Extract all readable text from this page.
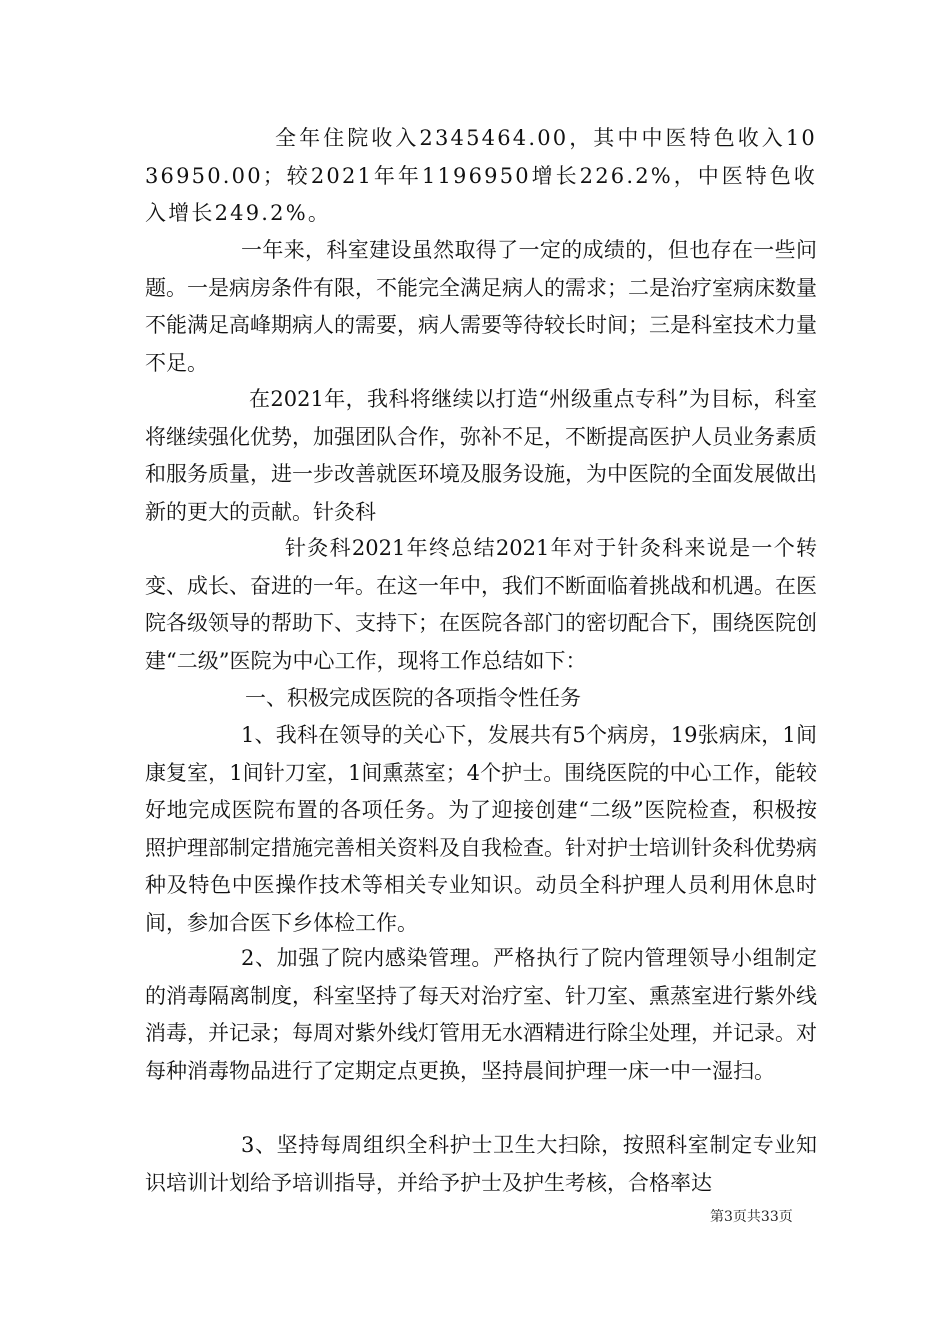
全年住院收入2345464.00，其中中医特色收入1036950.00；较2021年年1196950增长226.2%，中医特色收入增长249.2%。

一年来，科室建设虽然取得了一定的成绩的，但也存在一些问题。一是病房条件有限，不能完全满足病人的需求；二是治疗室病床数量不能满足高峰期病人的需要，病人需要等待较长时间；三是科室技术力量不足。

在2021年，我科将继续以打造“州级重点专科”为目标，科室将继续强化优势，加强团队合作，弥补不足，不断提高医护人员业务素质和服务质量，进一步改善就医环境及服务设施，为中医院的全面发展做出新的更大的贡献。针灸科

针灸科2021年终总结2021年对于针灸科来说是一个转变、成长、奋进的一年。在这一年中，我们不断面临着挑战和机遇。在医院各级领导的帮助下、支持下；在医院各部门的密切配合下，围绕医院创建“二级”医院为中心工作，现将工作总结如下：

一、积极完成医院的各项指令性任务

1、我科在领导的关心下，发展共有5个病房，19张病床，1间康复室，1间针刀室，1间熏蒸室；4个护士。围绕医院的中心工作，能较好地完成医院布置的各项任务。为了迎接创建“二级”医院检查，积极按照护理部制定措施完善相关资料及自我检查。针对护士培训针灸科优势病种及特色中医操作技术等相关专业知识。动员全科护理人员利用休息时间，参加合医下乡体检工作。

2、加强了院内感染管理。严格执行了院内管理领导小组制定的消毒隔离制度，科室坚持了每天对治疗室、针刀室、熏蒸室进行紫外线消毒，并记录；每周对紫外线灯管用无水酒精进行除尘处理，并记录。对每种消毒物品进行了定期定点更换，坚持晨间护理一床一中一湿扫。

3、坚持每周组织全科护士卫生大扫除，按照科室制定专业知识培训计划给予培训指导，并给予护士及护生考核，合格率达

第3页共33页
